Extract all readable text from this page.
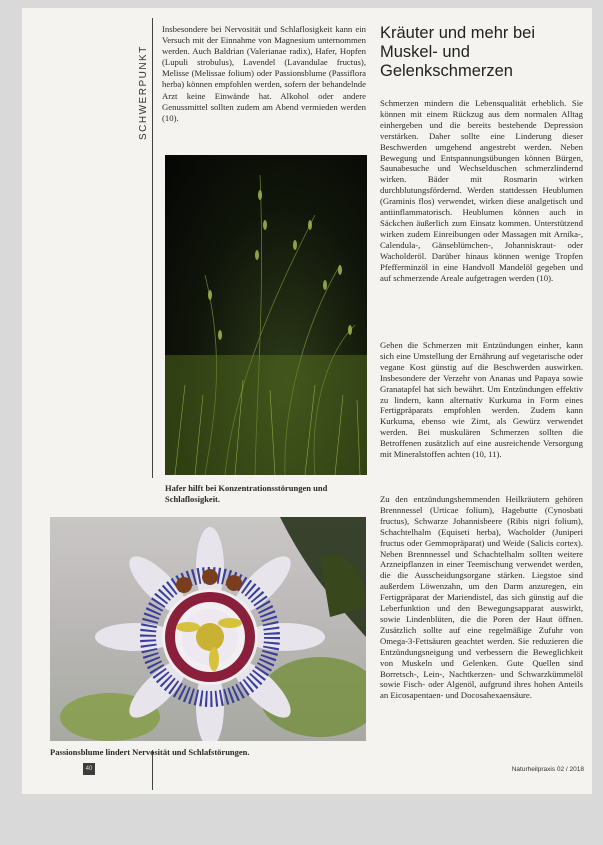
SCHWERPUNKT

Insbesondere bei Nervosität und Schlaflosigkeit kann ein Versuch mit der Einnahme von Magnesium unternommen werden. Auch Baldrian (Valerianae radix), Hafer, Hopfen (Lupuli strobulus), Lavendel (Lavandulae fructus), Melisse (Melissae folium) oder Passionsblume (Passiflora herba) können empfohlen werden, sofern der behandelnde Arzt keine Einwände hat. Alkohol oder andere Genussmittel sollten zudem am Abend vermieden werden (10).

Hafer hilft bei Konzentrationsstörungen und Schlaflosigkeit.

Passionsblume lindert Nervosität und Schlafstörungen.

Kräuter und mehr bei Muskel- und Gelenkschmerzen

Schmerzen mindern die Lebensqualität erheblich. Sie können mit einem Rückzug aus dem normalen Alltag einhergeben und die bereits bestehende Depression verstärken. Daher sollte eine Linderung dieser Beschwerden umgehend angestrebt werden. Neben Bewegung und Entspannungsübungen können Bürgen, Saunabesuche und Wechselduschen schmerzlindernd wirken. Bäder mit Rosmarin wirken durchblutungsfördernd. Werden stattdessen Heublumen (Graminis flos) verwendet, wirken diese analgetisch und antiinflammatorisch. Heublumen können auch in Säckchen äußerlich zum Einsatz kommen. Unterstützend wirken zudem Einreibungen oder Massagen mit Arnika-, Calendula-, Gänseblümchen-, Johanniskraut- oder Wacholderöl. Darüber hinaus können wenige Tropfen Pfefferminzöl in eine Handvoll Mandelöl gegeben und auf schmerzende Areale aufgetragen werden (10).

Gehen die Schmerzen mit Entzündungen einher, kann sich eine Umstellung der Ernährung auf vegetarische oder vegane Kost günstig auf die Beschwerden auswirken. Insbesondere der Verzehr von Ananas und Papaya sowie Granatapfel hat sich bewährt. Um Entzündungen effektiv zu lindern, kann alternativ Kurkuma in Form eines Fertigpräparats empfohlen werden. Zudem kann Kurkuma, ebenso wie Zimt, als Gewürz verwendet werden. Bei muskulären Schmerzen sollten die Betroffenen zusätzlich auf eine ausreichende Versorgung mit Mineralstoffen achten (10, 11).

Zu den entzündungshemmenden Heilkräutern gehören Brennnessel (Urticae folium), Hagebutte (Cynosbati fructus), Schwarze Johannisbeere (Ribis nigri folium), Schachtelhalm (Equiseti herba), Wacholder (Juniperi fructus oder Gemmopräparat) und Weide (Salicis cortex). Neben Brennnessel und Schachtelhalm sollten weitere Arzneipflanzen in einer Teemischung verwendet werden, die die Ausscheidungsorgane stärken. Liegstoe sind außerdem Löwenzahn, um den Darm anzuregen, ein Fertigpräparat der Mariendistel, das sich günstig auf die Leberfunktion und den Bewegungsapparat auswirkt, sowie Lindenblüten, die die Poren der Haut öffnen. Zusätzlich sollte auf eine regelmäßige Zufuhr von Omega-3-Fettsäuren geachtet werden. Sie reduzieren die Entzündungsneigung und verbessern die Beweglichkeit von Muskeln und Gelenken. Gute Quellen sind Borretsch-, Lein-, Nachtkerzen- und Schwarzkümmelöl sowie Fisch- oder Algenöl, aufgrund ihres hohen Anteils an Eicosapentaen- und Docosahexaensäure.

40	Naturheilpraxis 02 / 2018
